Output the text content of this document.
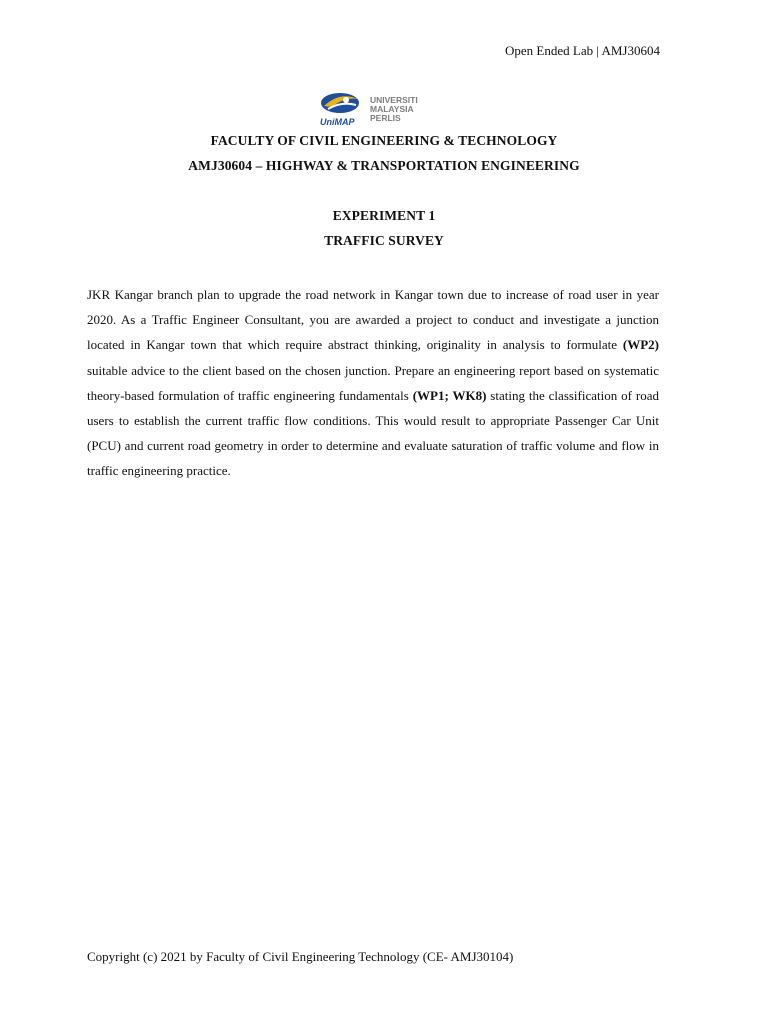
Open Ended Lab | AMJ30604
UniMAP
UNIVERSITI
MALAYSIA
PERLIS
FACULTY OF CIVIL ENGINEERING & TECHNOLOGY
AMJ30604 – HIGHWAY & TRANSPORTATION ENGINEERING
EXPERIMENT 1
TRAFFIC SURVEY

JKR Kangar branch plan to upgrade the road network in Kangar town due to increase of road user in year 2020. As a Traffic Engineer Consultant, you are awarded a project to conduct and investigate a junction located in Kangar town that which require abstract thinking, originality in analysis to formulate (WP2) suitable advice to the client based on the chosen junction. Prepare an engineering report based on systematic theory-based formulation of traffic engineering fundamentals (WP1; WK8) stating the classification of road users to establish the current traffic flow conditions. This would result to appropriate Passenger Car Unit (PCU) and current road geometry in order to determine and evaluate saturation of traffic volume and flow in traffic engineering practice.

Copyright (c) 2021 by Faculty of Civil Engineering Technology (CE- AMJ30104)
